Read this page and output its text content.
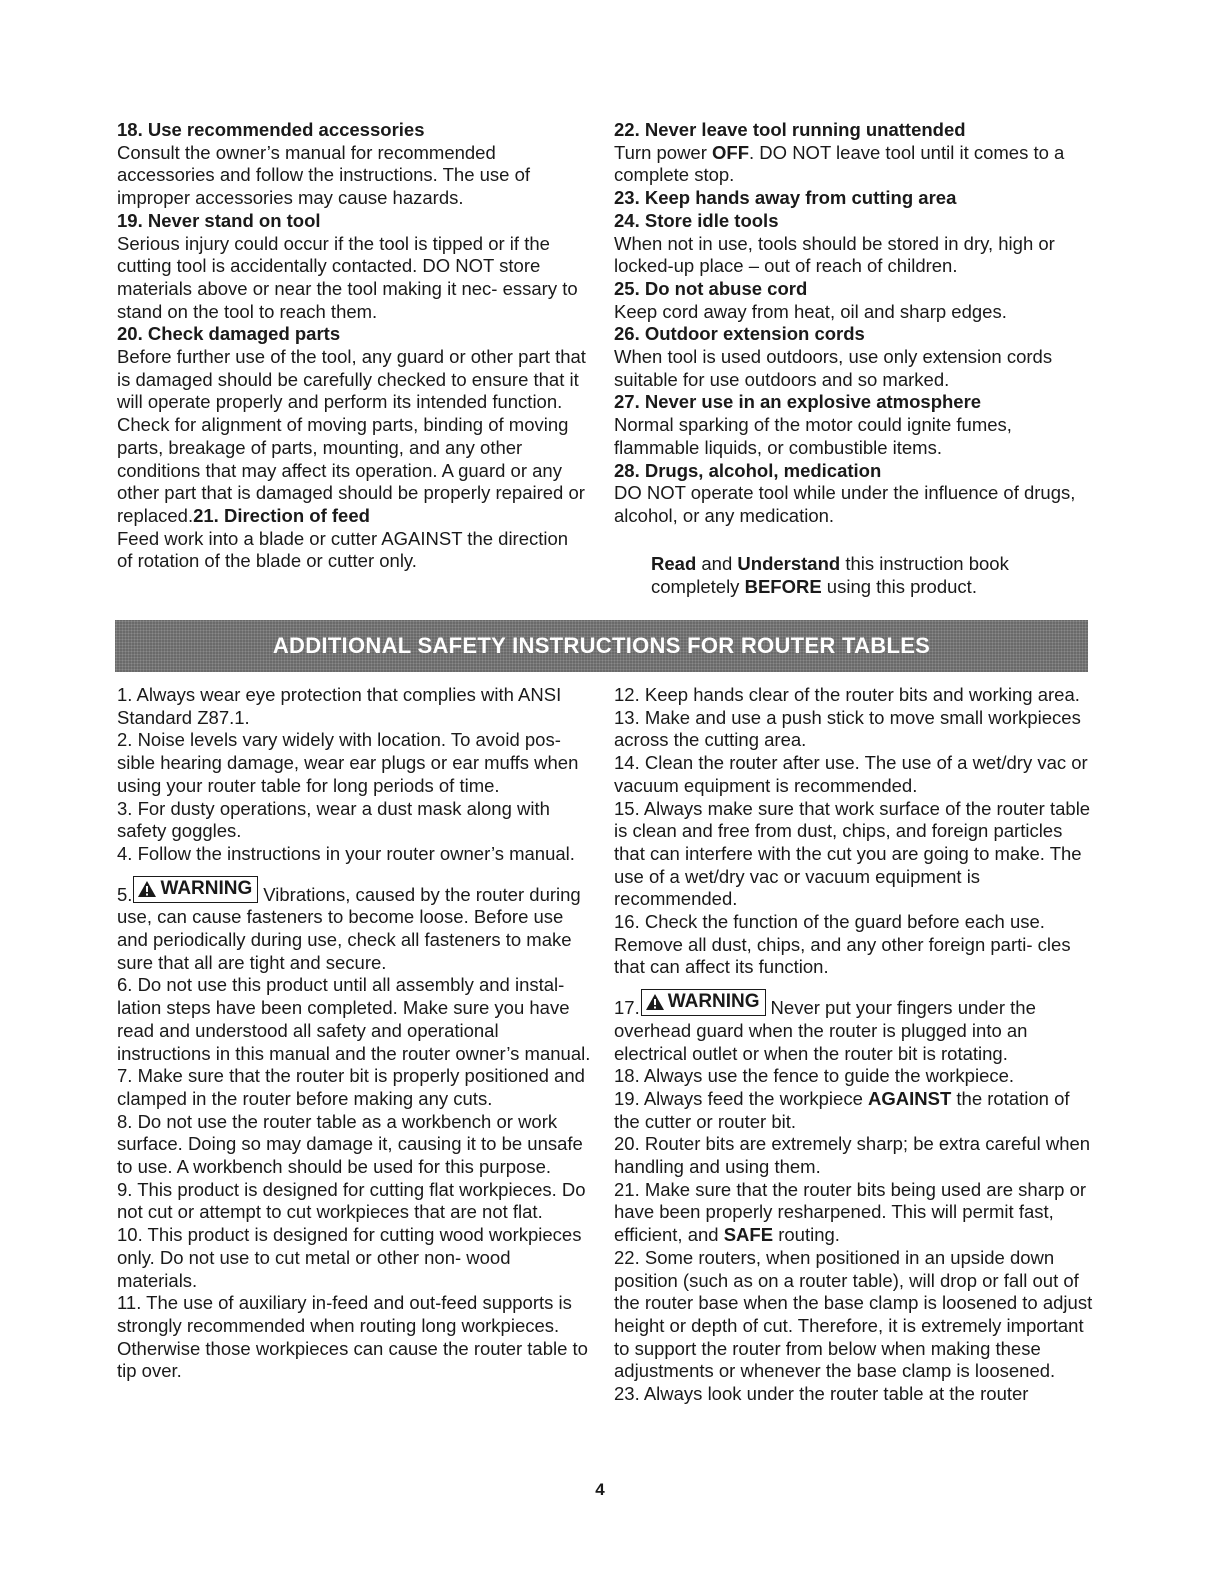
18. Use recommended accessories

Consult the owner’s manual for recommended accessories and follow the instructions. The use of improper accessories may cause hazards.

19. Never stand on tool

Serious injury could occur if the tool is tipped or if the cutting tool is accidentally contacted. DO NOT store materials above or near the tool making it nec- essary to stand on the tool to reach them.

20. Check damaged parts

Before further use of the tool, any guard or other part that is damaged should be carefully checked to ensure that it will operate properly and perform its intended function. Check for alignment of moving parts, binding of moving parts, breakage of parts, mounting, and any other conditions that may affect its operation. A guard or any other part that is damaged should be properly repaired or replaced.21. Direction of feed

Feed work into a blade or cutter AGAINST the direction of rotation of the blade or cutter only.

22. Never leave tool running unattended

Turn power OFF. DO NOT leave tool until it comes to a complete stop.

23. Keep hands away from cutting area

24. Store idle tools

When not in use, tools should be stored in dry, high or locked-up place – out of reach of children.

25. Do not abuse cord

Keep cord away from heat, oil and sharp edges.

26. Outdoor extension cords

When tool is used outdoors, use only extension cords suitable for use outdoors and so marked.

27. Never use in an explosive atmosphere

Normal sparking of the motor could ignite fumes, flammable liquids, or combustible items.

28. Drugs, alcohol, medication

DO NOT operate tool while under the influence of drugs, alcohol, or any medication.

Read and Understand this instruction book completely BEFORE using this product.
ADDITIONAL SAFETY INSTRUCTIONS FOR ROUTER TABLES

1. Always wear eye protection that complies with ANSI Standard Z87.1.

2. Noise levels vary widely with location. To avoid pos- sible hearing damage, wear ear plugs or ear muffs when using your router table for long periods of time.

3. For dusty operations, wear a dust mask along with safety goggles.

4. Follow the instructions in your router owner’s manual.

5. WARNING Vibrations, caused by the router during use, can cause fasteners to become loose. Before use and periodically during use, check all fasteners to make sure that all are tight and secure.

6. Do not use this product until all assembly and instal- lation steps have been completed. Make sure you have read and understood all safety and operational instructions in this manual and the router owner’s manual.

7. Make sure that the router bit is properly positioned and clamped in the router before making any cuts.

8. Do not use the router table as a workbench or work surface. Doing so may damage it, causing it to be unsafe to use. A workbench should be used for this purpose.

9. This product is designed for cutting flat workpieces. Do not cut or attempt to cut workpieces that are not flat.

10. This product is designed for cutting wood workpieces only. Do not use to cut metal or other non- wood materials.

11. The use of auxiliary in-feed and out-feed supports is strongly recommended when routing long workpieces. Otherwise those workpieces can cause the router table to tip over.

12. Keep hands clear of the router bits and working area.

13. Make and use a push stick to move small workpieces across the cutting area.

14. Clean the router after use. The use of a wet/dry vac or vacuum equipment is recommended.

15. Always make sure that work surface of the router table is clean and free from dust, chips, and foreign particles that can interfere with the cut you are going to make. The use of a wet/dry vac or vacuum equipment is recommended.

16. Check the function of the guard before each use. Remove all dust, chips, and any other foreign parti- cles that can affect its function.

17. WARNING Never put your fingers under the overhead guard when the router is plugged into an electrical outlet or when the router bit is rotating.

18. Always use the fence to guide the workpiece.

19. Always feed the workpiece AGAINST the rotation of the cutter or router bit.

20. Router bits are extremely sharp; be extra careful when handling and using them.

21. Make sure that the router bits being used are sharp or have been properly resharpened. This will permit fast, efficient, and SAFE routing.

22. Some routers, when positioned in an upside down position (such as on a router table), will drop or fall out of the router base when the base clamp is loosened to adjust height or depth of cut. Therefore, it is extremely important to support the router from below when making these adjustments or whenever the base clamp is loosened.

23. Always look under the router table at the router

4
